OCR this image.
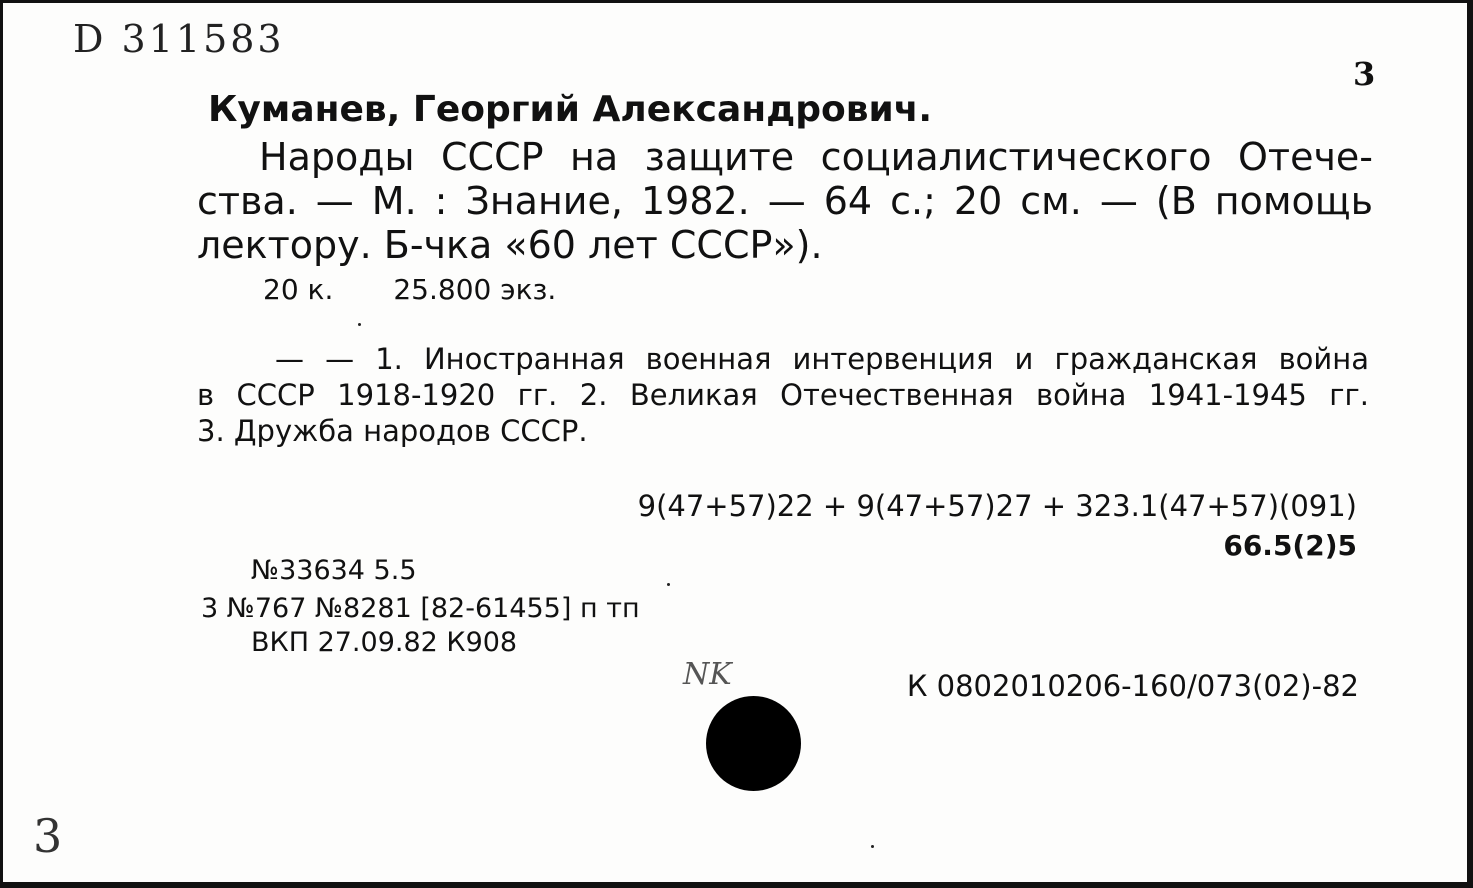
D 311583
3
Куманев, Георгий Александрович.
Народы СССР на защите социалистического Отече-
ства. — М. : Знание, 1982. — 64 с.; 20 см. — (В помощь
лектору. Б-чка «60 лет СССР»).
20 к. 25.800 экз.
— — 1. Иностранная военная интервенция и гражданская война
в СССР 1918-1920 гг. 2. Великая Отечественная война 1941-1945 гг.
3. Дружба народов СССР.
9(47+57)22 + 9(47+57)27 + 323.1(47+57)(091)
66.5(2)5
№33634 5.5
3 №767 №8281 [82-61455] п тп
ВКП 27.09.82 К908
NK	К 0802010206-160/073(02)-82
3
